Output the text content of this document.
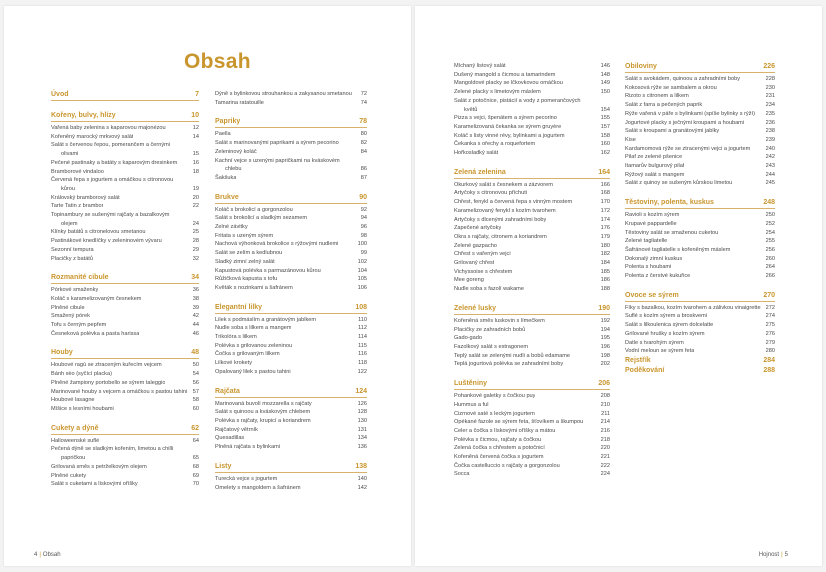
Obsah
Úvod	7
Kořeny, bulvy, hlízy	10
Vařená baby zelenina s kaparovou majonézou	12
Kořeněný marocký mrkvový salát	14
Salát s červenou řepou, pomerančem a černými
olivami	15
Pečené pastinaky a batáty s kaparovým dresinkem	16
Bramborové vindaloo	18
Červená řepa s jogurtem a omáčkou s citronovou
kůrou	19
Královský bramborový salát	20
Tarte Tatin z brambor	22
Topinambury se sušenými rajčaty a bazalkovým
olejem	24
Klínky batátů s citronelovou smetanou	25
Pastinákové knedlíčky v zeleninovém vývaru	28
Sezonní tempura	29
Placičky z batátů	32
Rozmanité cibule	34
Pórkové smaženky	36
Koláč s karamelizovaným česnekem	38
Plněné cibule	39
Smažený pórek	42
Tofu s černým pepřem	44
Česneková polévka a pasta harissa	46
Houby	48
Houbové ragú se ztraceným kuřecím vejcem	50
Bánh xèo (syčící placka)	54
Plněné žampiony portobello se sýrem taleggio	56
Marinované houby s vejcem a omáčkou s pastou tahini 57
Houbové lasagne	58
Míšice s lesními houbami	60
Cukety a dýně	62
Halloweenské suflé	64
Pečená dýně se sladkým kořením, limetou a chilli
papričkou	65
Grilovaná směs s petrželkovým olejem	68
Plněné cukety	69
Salát s cuketami a lískovými oříšky	70
Dýně s bylinkovou strouhankou a zakysanou smetanou	72
Tamarina ratatouille	74
Papriky	78
Paella	80
Salát s marinovanými paprikami a sýrem pecorino	82
Zeleninový koláč	84
Kachní vejce s uzenými papričkami na kváskovém
chlebu	86
Šakšuka	87
Brukve	90
Koláč s brokolicí a gorgonzolou	92
Salát s brokolicí a sladkým sezamem	94
Zelné závitky	96
Fritata s uzeným sýrem	98
Nachová výhonková brokolice s rýžovými nudlemi	100
Salát se zelím a kedlubnou	99
Sladký zimní zelný salát	102
Kapustová polévka s parmazánovou kůrou	104
Růžičková kapusta s tofu	105
Květák s nozinkami a šafránem	106
Elegantní lilky	108
Lilek s podmáslím a granátovým jablkem	110
Nudle soba s lilkem a mangem	112
Trikolóra s lilkem	114
Polévka s grilovanou zeleninou	115
Čočka s grilovaným lilkem	116
Lilkové krokety	118
Opalovaný lilek s pastou tahini	122
Rajčata	124
Marinovaná buvolí mozzarella s rajčaty	126
Salát s quinoou a kváskovým chlebem	128
Polévka s rajčaty, krupicí a koriandrem	130
Rajčatový větrník	131
Quesadillas	134
Plněná rajčata s bylinkami	136
Listy	138
Turecká vejce s jogurtem	140
Omelety s mangoldem a šafránem	142
4 | Obsah
Míchaný listový salát	146
Dušený mangold s čicmou a tamarindem	148
Mangoldové placky se lčkovkovou omáčkou	149
Zelené placky s limetovým máslem	150
Salát z potočnice, pistácií a vody z pomerančových
květů	154
Pizza s vejci, špenátem a sýrem pecorino	155
Karamelizovaná čekanka se sýrem gruyère	157
Koláč s listy vinné révy, bylinkami a jogurtem	158
Čekanka s ořechy a roquefortem	160
Hořkosladký salát	162
Zelená zelenina	164
Okurkový salát s česnekem a zázvorem	166
Artyčoky s citronovou příchutí	168
Chřest, fenykl a červená řepa s vinným mostem	170
Karamelizovaný fenykl s kozím tvarohem	172
Artyčoky s dlcenými zahradními boby	174
Zapečené artyčoky	176
Okra s rajčaty, citronem a koriandrem	179
Zelené gazpacho	180
Chřest s vařeným vejci	182
Grilovaný chřest	184
Vichyssoise s chřestem	185
Mee goreng	186
Nudle soba s fazolí wakame	188
Zelené lusky	190
Kořeněná směs luskovin s límečkem	192
Placičky ze zahradních bobů	194
Gado-gado	195
Fazolkový salát s estragonem	196
Teplý salát se zelenými nudli a bobů edamame	198
Teplá jogurtová polévka se zahradními boby	202
Luštěniny	206
Pohankové galetky s čočkou puy	208
Hummus a ful	210
Cizrnové saté s leckým jogurtem	211
Opékané fazole se sýrem feta, šťovíkem a škumpou	214
Celer a čočka s lískovými oříšky a mátou	216
Polévka s čicmou, rajčaty a čočkou	218
Zelená čočka s chřestem a potočnicí	220
Kořeněná červená čočka s jogurtem	221
Čočka castelluccio s rajčaty a gorgonzolou	222
Socca	224
Obiloviny	226
Salát s avokádem, quinoou a zahradními boby	228
Kokosová rýže se sambalem a okrou	230
Rizoto s citronem a lilkem	231
Salát z farra a pečených paprik	234
Rýže vařená v páře s bylinkami (spíše bylinky s rýží)	235
Jogurtové placky s ječnými kroupami a houbami	236
Salát s kroupami a granátovými jablky	238
Kise	239
Kardamomová rýže se ztracenými vejci a jogurtem	240
Pilaf ze zelené pšenice	242
Itamarův bulgurový pilaf	243
Rýžový salát s mangem	244
Salát z quinoy se sušeným kůrskou limetou	245
Těstoviny, polenta, kuskus	248
Ravioli s kozím sýrem	250
Krupavé pappardelle	252
Těstoviny salát se smaženou cuketou	254
Zelené tagliatelle	255
Šafránové tagliatelle s kořeněným máslem	256
Dokonalý zimní kuskus	260
Polenta s houbami	264
Polenta z čerstvé kukuřice	266
Ovoce se sýrem	270
Fíky s bazalkou, kozím tvarohem a zálivkou vinaigrette 272
Suflé s kozím sýrem a broskvemi	274
Salát s lilkoulenica sýrem dolcelatte	275
Grilované hrušky s kozím sýrem	276
Datle s tvarohým sýrem	279
Vodní meloun se sýrem feta	280
Rejstřík	284
Poděkování	288
Hojnost | 5
